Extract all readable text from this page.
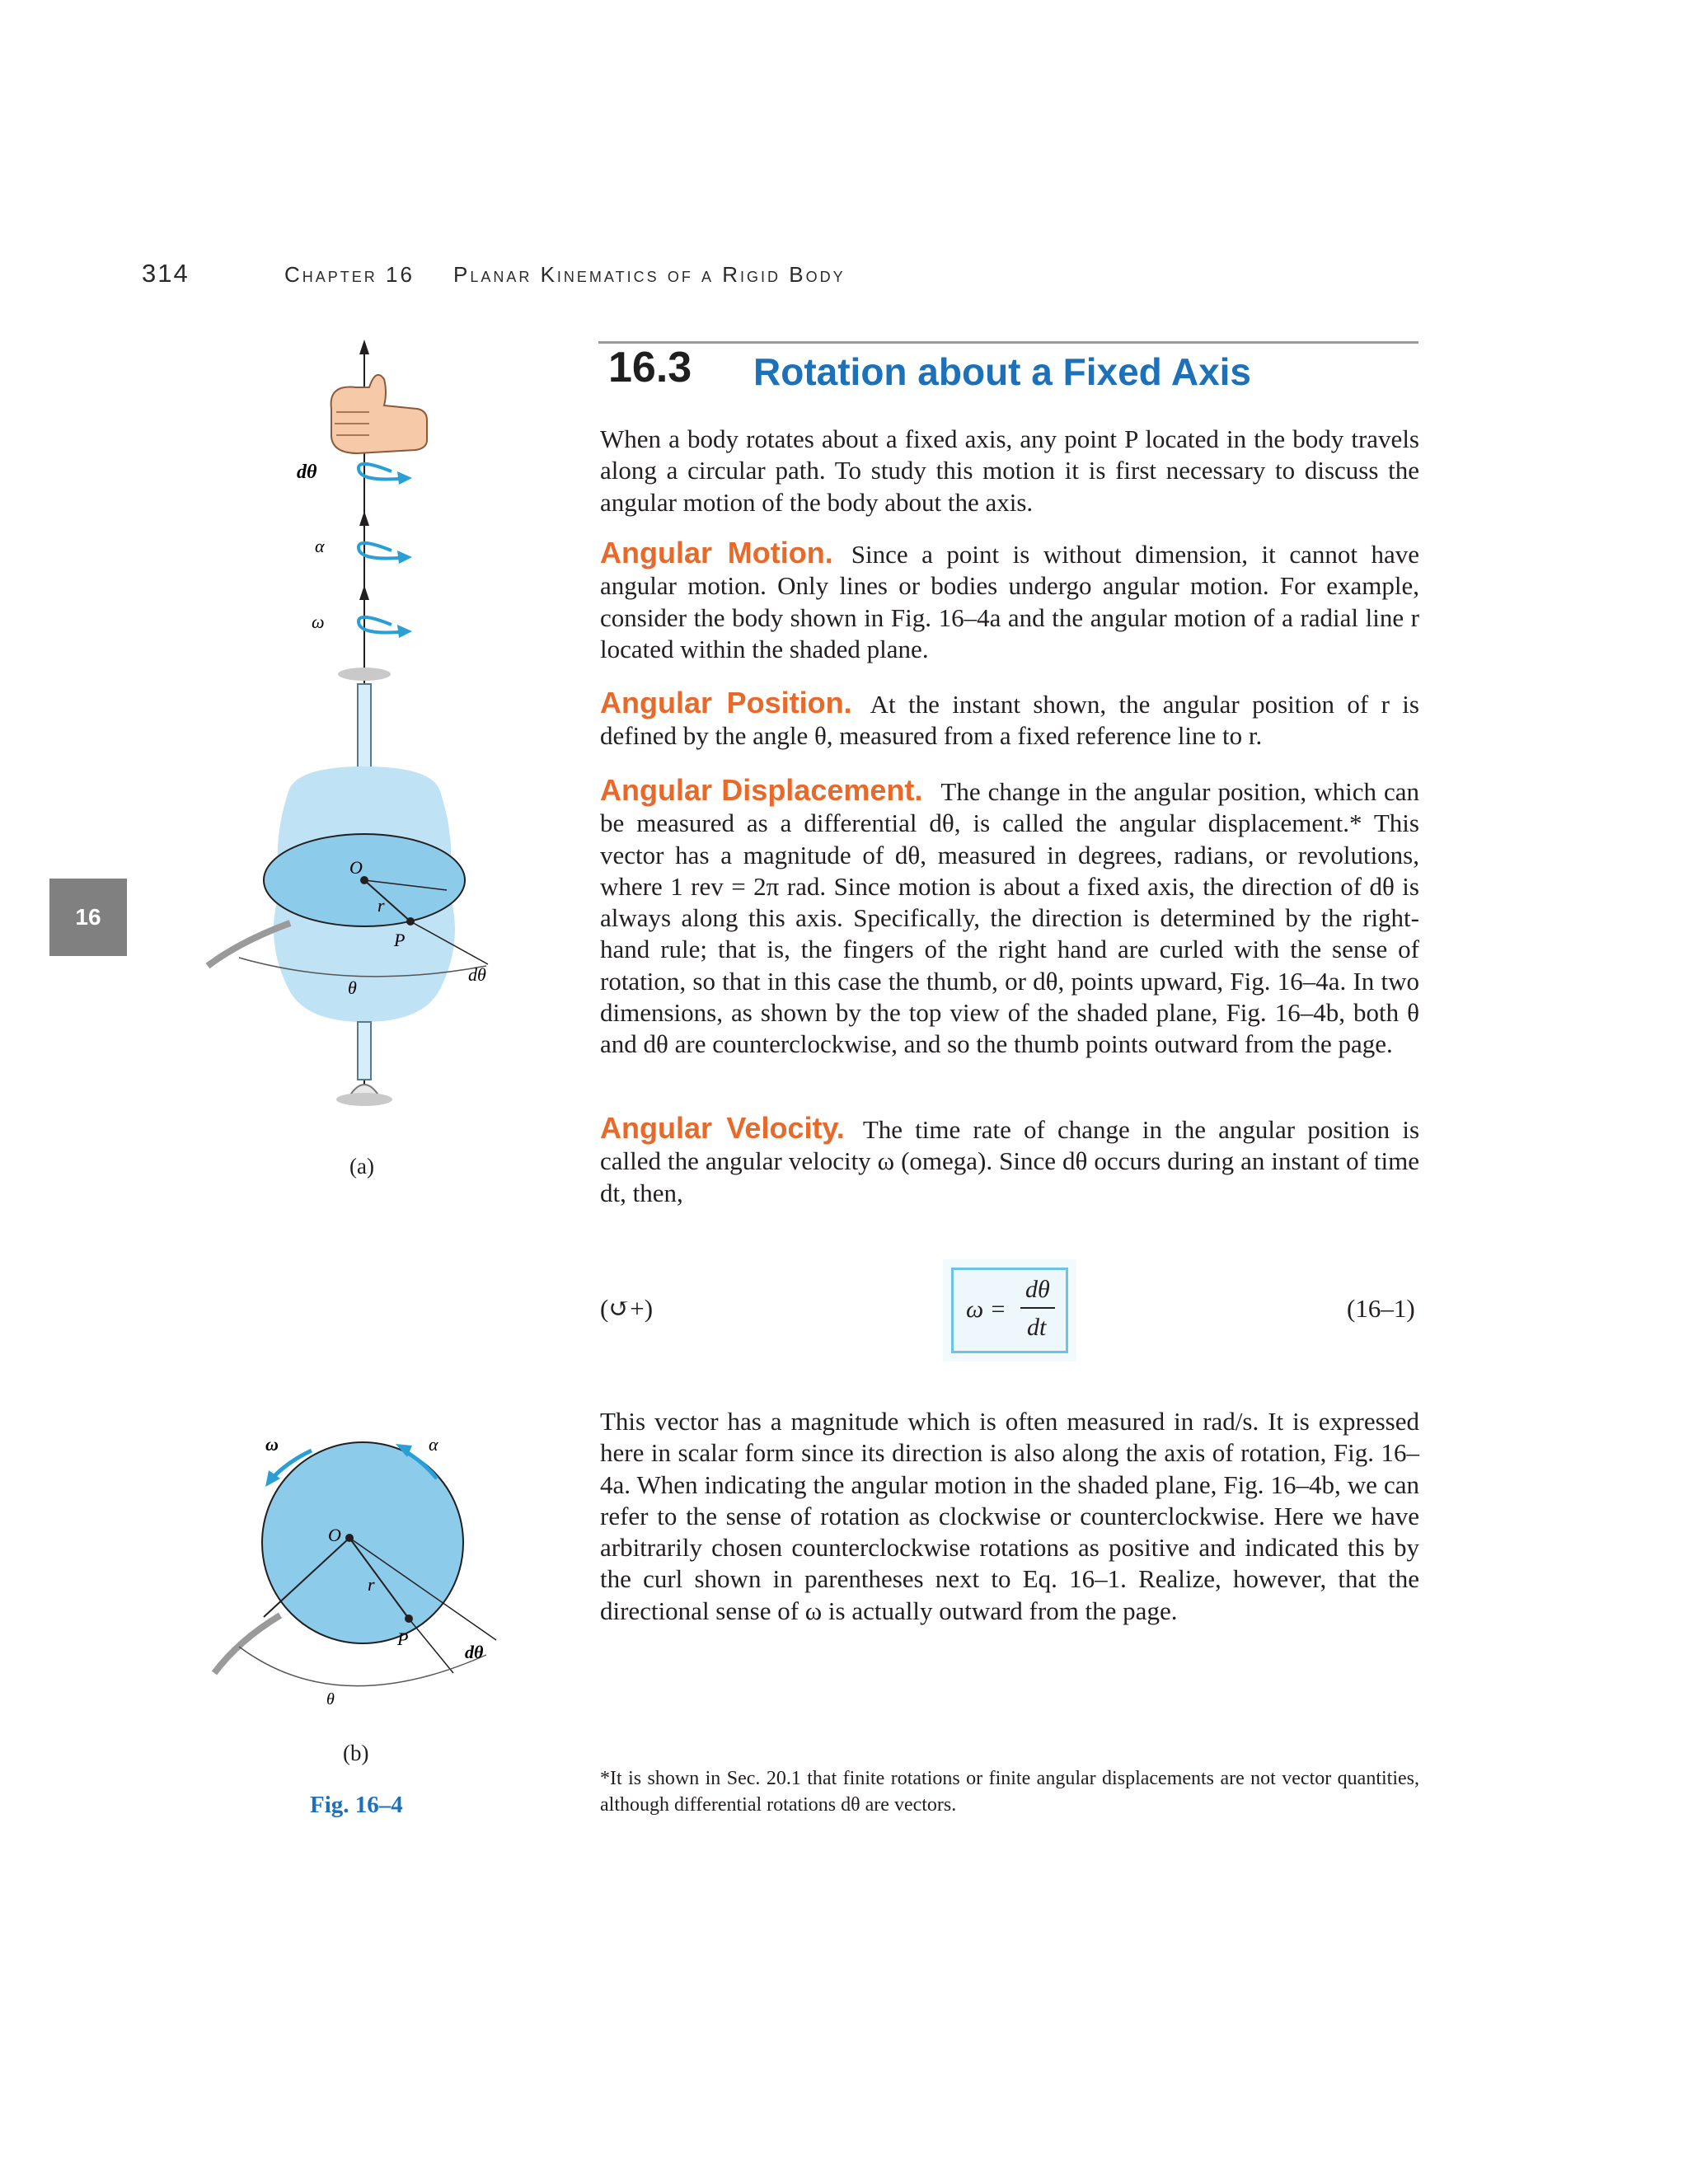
314	Chapter 16 Planar Kinematics of a Rigid Body
16
16.3 Rotation about a Fixed Axis
When a body rotates about a fixed axis, any point P located in the body travels along a circular path. To study this motion it is first necessary to discuss the angular motion of the body about the axis.
Angular Motion. Since a point is without dimension, it cannot have angular motion. Only lines or bodies undergo angular motion. For example, consider the body shown in Fig. 16–4a and the angular motion of a radial line r located within the shaded plane.
Angular Position. At the instant shown, the angular position of r is defined by the angle θ, measured from a fixed reference line to r.
Angular Displacement. The change in the angular position, which can be measured as a differential dθ, is called the angular displacement.* This vector has a magnitude of dθ, measured in degrees, radians, or revolutions, where 1 rev = 2π rad. Since motion is about a fixed axis, the direction of dθ is always along this axis. Specifically, the direction is determined by the right-hand rule; that is, the fingers of the right hand are curled with the sense of rotation, so that in this case the thumb, or dθ, points upward, Fig. 16–4a. In two dimensions, as shown by the top view of the shaded plane, Fig. 16–4b, both θ and dθ are counterclockwise, and so the thumb points outward from the page.
Angular Velocity. The time rate of change in the angular position is called the angular velocity ω (omega). Since dθ occurs during an instant of time dt, then,
(↺+)	ω =
dθ
dt
(16–1)
This vector has a magnitude which is often measured in rad/s. It is expressed here in scalar form since its direction is also along the axis of rotation, Fig. 16–4a. When indicating the angular motion in the shaded plane, Fig. 16–4b, we can refer to the sense of rotation as clockwise or counterclockwise. Here we have arbitrarily chosen counterclockwise rotations as positive and indicated this by the curl shown in parentheses next to Eq. 16–1. Realize, however, that the directional sense of ω is actually outward from the page.
*It is shown in Sec. 20.1 that finite rotations or finite angular displacements are not vector quantities, although differential rotations dθ are vectors.
dθ
α
ω
O
r
P
dθ
θ
(a)
ω	α
O
r
P
dθ
θ
(b)
Fig. 16–4
